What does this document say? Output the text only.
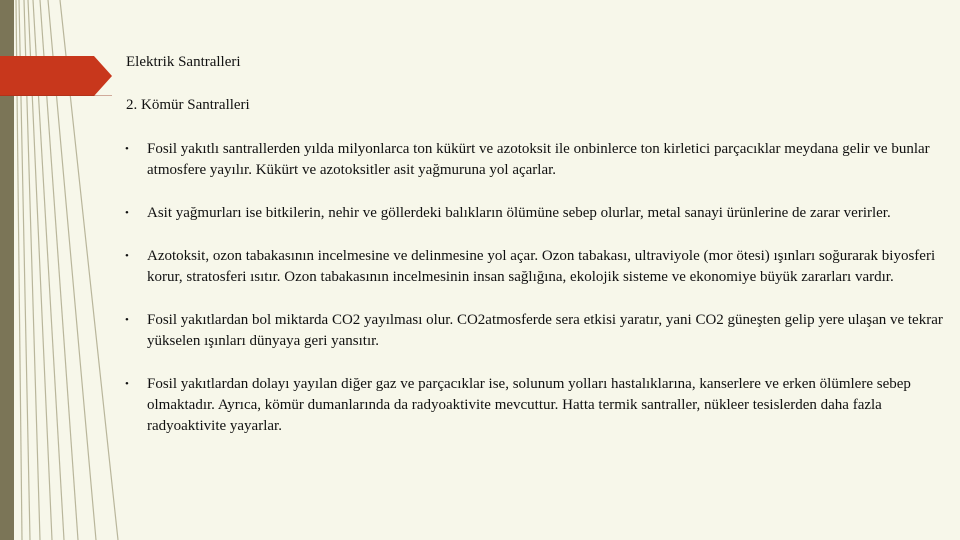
Elektrik Santralleri
2. Kömür Santralleri
•	Fosil yakıtlı santrallerden yılda milyonlarca ton kükürt ve azotoksit ile onbinlerce ton kirletici parçacıklar meydana gelir ve bunlar atmosfere yayılır. Kükürt ve azotoksitler asit yağmuruna yol açarlar.
•	Asit yağmurları ise bitkilerin, nehir ve göllerdeki balıkların ölümüne sebep olurlar, metal sanayi ürünlerine de zarar verirler.
•	Azotoksit, ozon tabakasının incelmesine ve delinmesine yol açar. Ozon tabakası, ultraviyole (mor ötesi) ışınları soğurarak biyosferi korur, stratosferi ısıtır. Ozon tabakasının incelmesinin insan sağlığına, ekolojik sisteme ve ekonomiye büyük zararları vardır.
•	Fosil yakıtlardan bol miktarda CO2 yayılması olur. CO2atmosferde sera etkisi yaratır, yani CO2 güneşten gelip yere ulaşan ve tekrar yükselen ışınları dünyaya geri yansıtır.
•	Fosil yakıtlardan dolayı yayılan diğer gaz ve parçacıklar ise, solunum yolları hastalıklarına, kanserlere ve erken ölümlere sebep olmaktadır. Ayrıca, kömür dumanlarında da radyoaktivite mevcuttur. Hatta termik santraller, nükleer tesislerden daha fazla radyoaktivite yayarlar.
